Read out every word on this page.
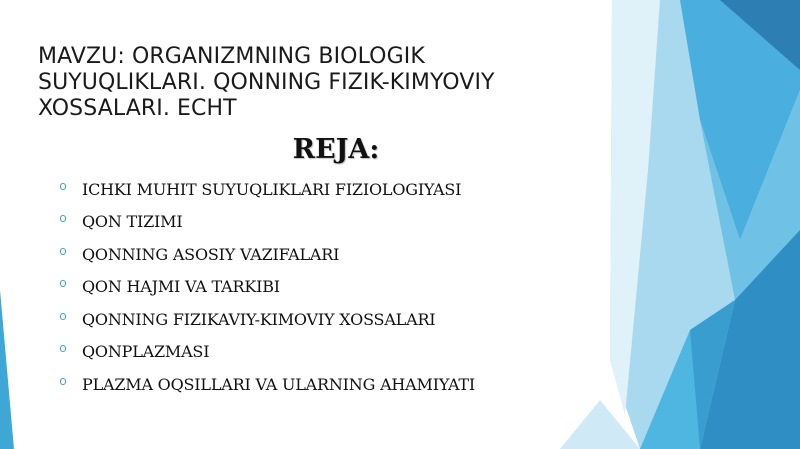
MAVZU: ORGANIZMNING BIOLOGIK
SUYUQLIKLARI. QONNING FIZIK-KIMYOVIY
XOSSALARI. ECHT
REJA:
ICHKI MUHIT SUYUQLIKLARI FIZIOLOGIYASI
QON TIZIMI
QONNING ASOSIY VAZIFALARI
QON HAJMI VA TARKIBI
QONNING FIZIKAVIY-KIMOVIY XOSSALARI
QONPLAZMASI
PLAZMA OQSILLARI VA ULARNING AHAMIYATI
